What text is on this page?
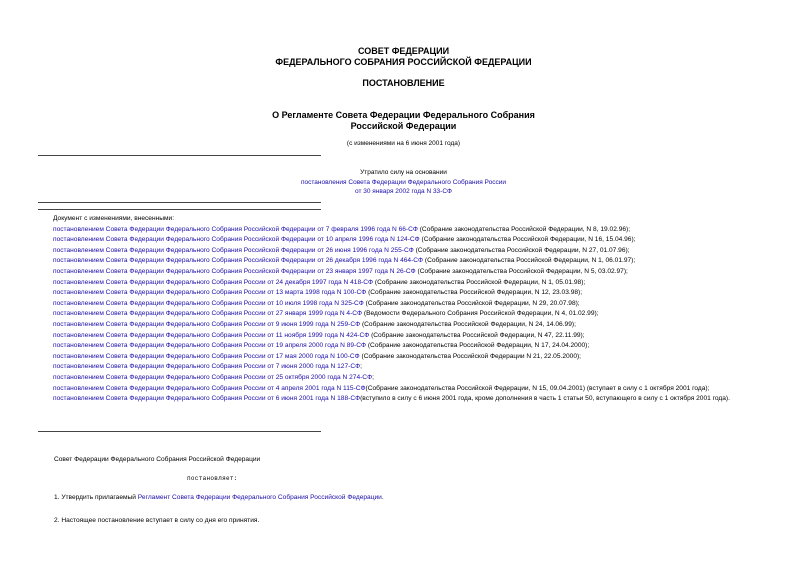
СОВЕТ ФЕДЕРАЦИИ
ФЕДЕРАЛЬНОГО СОБРАНИЯ РОССИЙСКОЙ ФЕДЕРАЦИИ
ПОСТАНОВЛЕНИЕ
О Регламенте Совета Федерации Федерального Собрания
Российской Федерации
(с изменениями на 6 июня 2001 года)
Утратило силу на основании
постановления Совета Федерации Федерального Собрания России
от 30 января 2002 года N 33-СФ
Документ с изменениями, внесенными:
постановлением Совета Федерации Федерального Собрания Российской Федерации от 7 февраля 1996 года N 66-СФ (Собрание законодательства Российской Федерации, N 8, 19.02.96);
постановлением Совета Федерации Федерального Собрания Российской Федерации от 10 апреля 1996 года N 124-СФ (Собрание законодательства Российской Федерации, N 16, 15.04.96);
постановлением Совета Федерации Федерального Собрания Российской Федерации от 26 июня 1996 года N 255-СФ (Собрание законодательства Российской Федерации, N 27, 01.07.96);
постановлением Совета Федерации Федерального Собрания Российской Федерации от 26 декабря 1996 года N 464-СФ (Собрание законодательства Российской Федерации, N 1, 06.01.97);
постановлением Совета Федерации Федерального Собрания Российской Федерации от 23 января 1997 года N 26-СФ (Собрание законодательства Российской Федерации, N 5, 03.02.97);
постановлением Совета Федерации Федерального Собрания России от 24 декабря 1997 года N 418-СФ (Собрание законодательства Российской Федерации, N 1, 05.01.98);
постановлением Совета Федерации Федерального Собрания России от 13 марта 1998 года N 100-СФ (Собрание законодательства Российской Федерации, N 12, 23.03.98);
постановлением Совета Федерации Федерального Собрания России от 10 июля 1998 года N 325-СФ (Собрание законодательства Российской Федерации, N 29, 20.07.98);
постановлением Совета Федерации Федерального Собрания России от 27 января 1999 года N 4-СФ (Ведомости Федерального Собрания Российской Федерации, N 4, 01.02.99);
постановлением Совета Федерации Федерального Собрания России от 9 июня 1999 года N 259-СФ (Собрание законодательства Российской Федерации, N 24, 14.06.99);
постановлением Совета Федерации Федерального Собрания России от 11 ноября 1999 года N 424-СФ (Собрание законодательства Российской Федерации, N 47, 22.11.99);
постановлением Совета Федерации Федерального Собрания России от 19 апреля 2000 года N 89-СФ (Собрание законодательства Российской Федерации, N 17, 24.04.2000);
постановлением Совета Федерации Федерального Собрания России от 17 мая 2000 года N 100-СФ (Собрание законодательства Российской Федерации N 21, 22.05.2000);
постановлением Совета Федерации Федерального Собрания России от 7 июня 2000 года N 127-СФ;
постановлением Совета Федерации Федерального Собрания России от 25 октября 2000 года N 274-СФ;
постановлением Совета Федерации Федерального Собрания России от 4 апреля 2001 года N 115-СФ(Собрание законодательства Российской Федерации, N 15, 09.04.2001) (вступает в силу с 1 октября 2001 года);
постановлением Совета Федерации Федерального Собрания России от 6 июня 2001 года N 188-СФ(вступило в силу с 6 июня 2001 года, кроме дополнения в часть 1 статьи 50, вступающего в силу с 1 октября 2001 года).
Совет Федерации Федерального Собрания Российской Федерации
постановляет:
1. Утвердить прилагаемый Регламент Совета Федерации Федерального Собрания Российской Федерации.
2. Настоящее постановление вступает в силу со дня его принятия.
